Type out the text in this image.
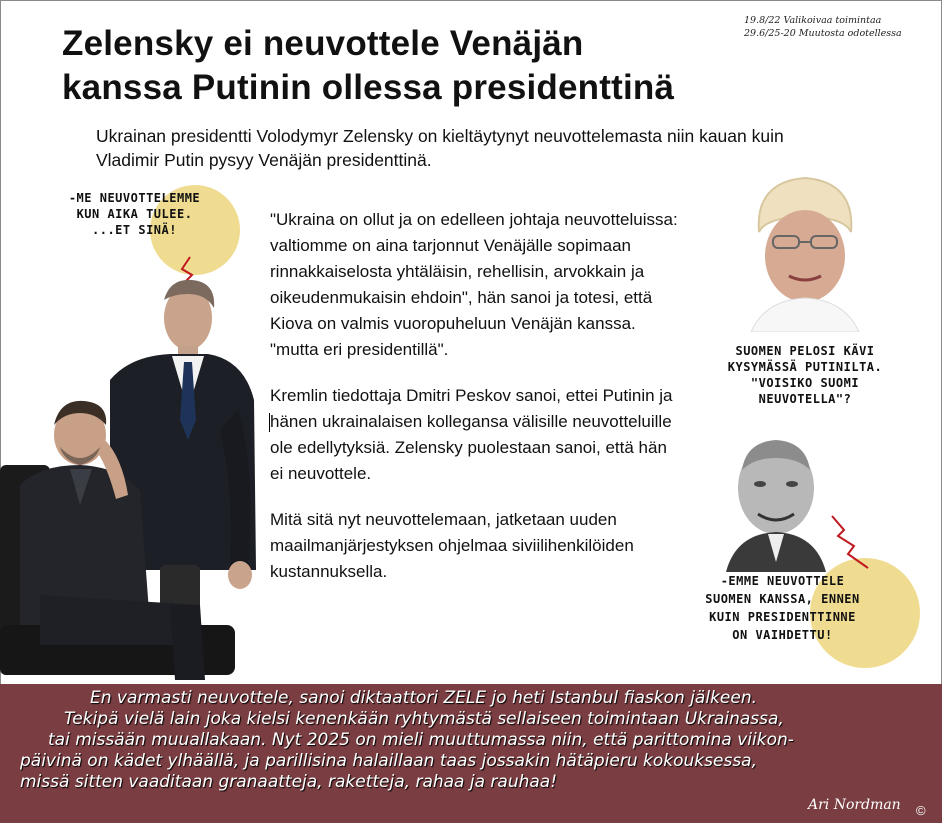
Zelensky ei neuvottele Venäjän
kanssa Putinin ollessa presidenttinä
19.8/22 Valikoivaa toimintaa
29.6/25-20 Muutosta odotellessa
Ukrainan presidentti Volodymyr Zelensky on kieltäytynyt neuvottelemasta niin kauan kuin Vladimir Putin pysyy Venäjän presidenttinä.

"Ukraina on ollut ja on edelleen johtaja neuvotteluissa: valtiomme on aina tarjonnut Venäjälle sopimaan rinnakkaiselosta yhtäläisin, rehellisin, arvokkain ja oikeudenmukaisin ehdoin", hän sanoi ja totesi, että Kiova on valmis vuoropuheluun Venäjän kanssa. "mutta eri presidentillä".

Kremlin tiedottaja Dmitri Peskov sanoi, ettei Putinin ja hänen ukrainalaisen kollegansa välisille neuvotteluille ole edellytyksiä. Zelensky puolestaan sanoi, että hän ei neuvottele.

Mitä sitä nyt neuvottelemaan, jatketaan uuden maailmanjärjestyksen ohjelmaa siviilihenkilöiden kustannuksella.

-ME NEUVOTTELEMME
KUN AIKA TULEE.
...ET SINÄ!
SUOMEN PELOSI KÄVI
KYSYMÄSSÄ PUTINILTA.
"VOISIKO SUOMI
NEUVOTELLA"?
-EMME NEUVOTTELE
SUOMEN KANSSA, ENNEN
KUIN PRESIDENTTINNE
ON VAIHDETTU!
En varmasti neuvottele, sanoi diktaattori ZELE jo heti Istanbul fiaskon jälkeen.
Tekipä vielä lain joka kielsi kenenkään ryhtymästä sellaiseen toimintaan Ukrainassa,
tai missään muuallakaan. Nyt 2025 on mieli muuttumassa niin, että parittomina viikon-
päivinä on kädet ylhäällä, ja parillisina halaillaan taas jossakin hätäpieru kokouksessa,
missä sitten vaaditaan granaatteja, raketteja, rahaa ja rauhaa!
Ari Nordman ©
